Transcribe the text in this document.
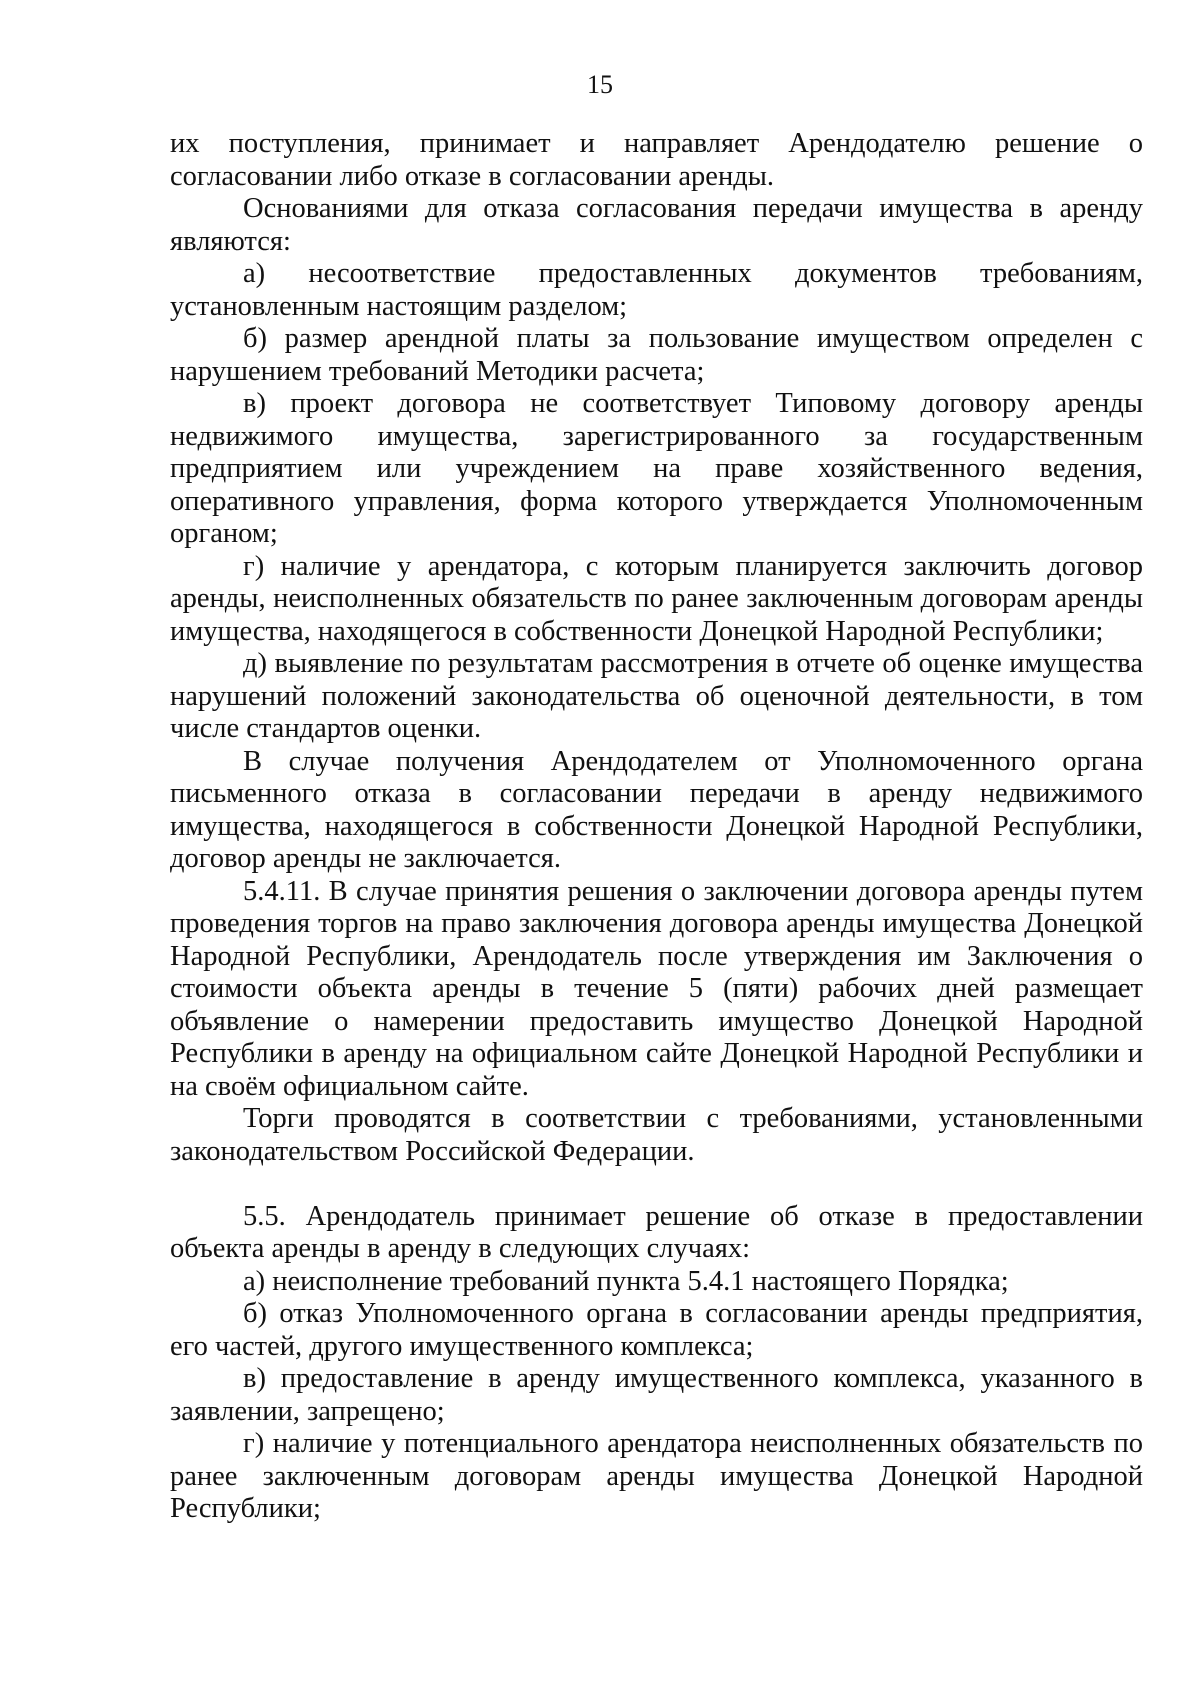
15

их поступления, принимает и направляет Арендодателю решение о согласовании либо отказе в согласовании аренды.

Основаниями для отказа согласования передачи имущества в аренду являются:

а) несоответствие предоставленных документов требованиям, установленным настоящим разделом;

б) размер арендной платы за пользование имуществом определен с нарушением требований Методики расчета;

в) проект договора не соответствует Типовому договору аренды недвижимого имущества, зарегистрированного за государственным предприятием или учреждением на праве хозяйственного ведения, оперативного управления, форма которого утверждается Уполномоченным органом;

г) наличие у арендатора, с которым планируется заключить договор аренды, неисполненных обязательств по ранее заключенным договорам аренды имущества, находящегося в собственности Донецкой Народной Республики;

д) выявление по результатам рассмотрения в отчете об оценке имущества нарушений положений законодательства об оценочной деятельности, в том числе стандартов оценки.

В случае получения Арендодателем от Уполномоченного органа письменного отказа в согласовании передачи в аренду недвижимого имущества, находящегося в собственности Донецкой Народной Республики, договор аренды не заключается.

5.4.11. В случае принятия решения о заключении договора аренды путем проведения торгов на право заключения договора аренды имущества Донецкой Народной Республики, Арендодатель после утверждения им Заключения о стоимости объекта аренды в течение 5 (пяти) рабочих дней размещает объявление о намерении предоставить имущество Донецкой Народной Республики в аренду на официальном сайте Донецкой Народной Республики и на своём официальном сайте.

Торги проводятся в соответствии с требованиями, установленными законодательством Российской Федерации.

5.5. Арендодатель принимает решение об отказе в предоставлении объекта аренды в аренду в следующих случаях:

а) неисполнение требований пункта 5.4.1 настоящего Порядка;

б) отказ Уполномоченного органа в согласовании аренды предприятия, его частей, другого имущественного комплекса;

в) предоставление в аренду имущественного комплекса, указанного в заявлении, запрещено;

г) наличие у потенциального арендатора неисполненных обязательств по ранее заключенным договорам аренды имущества Донецкой Народной Республики;
